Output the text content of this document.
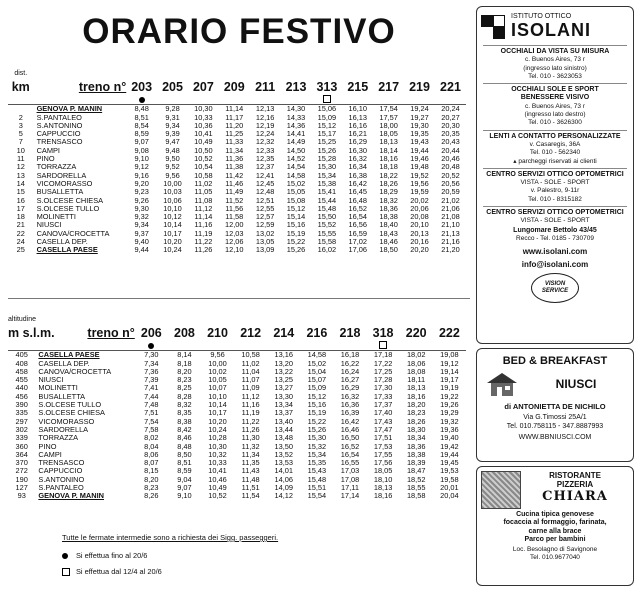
ORARIO FESTIVO
dist.												
km	treno n°	203	205	207	209	211	213	313	215	217	219	221

	GENOVA P. MANIN	8,48	9,28	10,30	11,14	12,13	14,30	15,06	16,10	17,54	19,24	20,24
2	S.PANTALEO	8,51	9,31	10,33	11,17	12,16	14,33	15,09	16,13	17,57	19,27	20,27
3	S.ANTONINO	8,54	9,34	10,36	11,20	12,19	14,36	15,12	16,16	18,00	19,30	20,30
5	CAPPUCCIO	8,59	9,39	10,41	11,25	12,24	14,41	15,17	16,21	18,05	19,35	20,35
7	TRENSASCO	9,07	9,47	10,49	11,33	12,32	14,49	15,25	16,29	18,13	19,43	20,43
10	CAMPI	9,08	9,48	10,50	11,34	12,33	14,50	15,26	16,30	18,14	19,44	20,44
11	PINO	9,10	9,50	10,52	11,36	12,35	14,52	15,28	16,32	18,16	19,46	20,46
12	TORRAZZA	9,12	9,52	10,54	11,38	12,37	14,54	15,30	16,34	18,18	19,48	20,48
13	SARDORELLA	9,16	9,56	10,58	11,42	12,41	14,58	15,34	16,38	18,22	19,52	20,52
14	VICOMORASSO	9,20	10,00	11,02	11,46	12,45	15,02	15,38	16,42	18,26	19,56	20,56
15	BUSALLETTA	9,23	10,03	11,05	11,49	12,48	15,05	15,41	16,45	18,29	19,59	20,59
16	S.OLCESE CHIESA	9,26	10,06	11,08	11,52	12,51	15,08	15,44	16,48	18,32	20,02	21,02
17	S.OLCESE TULLO	9,30	10,10	11,12	11,56	12,55	15,12	15,48	16,52	18,36	20,06	21,06
18	MOLINETTI	9,32	10,12	11,14	11,58	12,57	15,14	15,50	16,54	18,38	20,08	21,08
21	NIUSCI	9,34	10,14	11,16	12,00	12,59	15,16	15,52	16,56	18,40	20,10	21,10
22	CANOVA/CROCETTA	9,37	10,17	11,19	12,03	13,02	15,19	15,55	16,59	18,43	20,13	21,13
24	CASELLA DEP.	9,40	10,20	11,22	12,06	13,05	15,22	15,58	17,02	18,46	20,16	21,16
25	CASELLA PAESE	9,44	10,24	11,26	12,10	13,09	15,26	16,02	17,06	18,50	20,20	21,20
altitudine											
m s.l.m.	treno n°	206	208	210	212	214	216	218	318	220	222

405	CASELLA PAESE	7,30	8,14	9,56	10,58	13,16	14,58	16,18	17,18	18,02	19,08
408	CASELLA DEP.	7,34	8,18	10,00	11,02	13,20	15,02	16,22	17,22	18,06	19,12
458	CANOVA/CROCETTA	7,36	8,20	10,02	11,04	13,22	15,04	16,24	17,25	18,08	19,14
455	NIUSCI	7,39	8,23	10,05	11,07	13,25	15,07	16,27	17,28	18,11	19,17
440	MOLINETTI	7,41	8,25	10,07	11,09	13,27	15,09	16,29	17,30	18,13	19,19
456	BUSALLETTA	7,44	8,28	10,10	11,12	13,30	15,12	16,32	17,33	18,16	19,22
390	S.OLCESE TULLO	7,48	8,32	10,14	11,16	13,34	15,16	16,36	17,37	18,20	19,26
335	S.OLCESE CHIESA	7,51	8,35	10,17	11,19	13,37	15,19	16,39	17,40	18,23	19,29
297	VICOMORASSO	7,54	8,38	10,20	11,22	13,40	15,22	16,42	17,43	18,26	19,32
302	SARDORELLA	7,58	8,42	10,24	11,26	13,44	15,26	16,46	17,47	18,30	19,36
339	TORRAZZA	8,02	8,46	10,28	11,30	13,48	15,30	16,50	17,51	18,34	19,40
360	PINO	8,04	8,48	10,30	11,32	13,50	15,32	16,52	17,53	18,36	19,42
364	CAMPI	8,06	8,50	10,32	11,34	13,52	15,34	16,54	17,55	18,38	19,44
370	TRENSASCO	8,07	8,51	10,33	11,35	13,53	15,35	16,55	17,56	18,39	19,45
272	CAPPUCCIO	8,15	8,59	10,41	11,43	14,01	15,43	17,03	18,05	18,47	19,53
190	S.ANTONINO	8,20	9,04	10,46	11,48	14,06	15,48	17,08	18,10	18,52	19,58
127	S.PANTALEO	8,23	9,07	10,49	11,51	14,09	15,51	17,11	18,13	18,55	20,01
93	GENOVA P. MANIN	8,26	9,10	10,52	11,54	14,12	15,54	17,14	18,16	18,58	20,04
Tutte le fermate intermedie sono a richiesta dei Sigg. passeggeri.
Si effettua fino al 20/6
Si effettua dal 12/4 al 20/6
ISTITUTO OTTICO
ISOLANI
OCCHIALI DA VISTA SU MISURA
c. Buenos Aires, 73 r
(ingresso lato sinistro)
Tel. 010 - 3623053
OCCHIALI SOLE E SPORT
BENESSERE VISIVO
c. Buenos Aires, 73 r
(ingresso lato destro)
Tel. 010 - 3626300
LENTI A CONTATTO PERSONALIZZATE
v. Casaregis, 36A
Tel. 010 - 562340
▴ parcheggi riservati ai clienti
CENTRO SERVIZI OTTICO OPTOMETRICI
VISTA - SOLE - SPORT
v. Palestro, 9-11r
Tel. 010 - 8315182
CENTRO SERVIZI OTTICO OPTOMETRICI
VISTA - SOLE - SPORT
Lungomare Bettolo 43/45
Recco - Tel. 0185 - 730709
www.isolani.com
info@isolani.com
VISION SERVICE
BED & BREAKFAST
NIUSCI
di ANTONIETTA DE NICHILO
Via G.Timossi 25A/1
Tel. 010.758115 - 347.8887993
WWW.BBNIUSCI.COM
RISTORANTE
PIZZERIA
CHIARA
Cucina tipica genovese
focaccia al formaggio, farinata,
carne alla brace
Parco per bambini
Loc. Besolagno di Savignone
Tel. 010.9677040
